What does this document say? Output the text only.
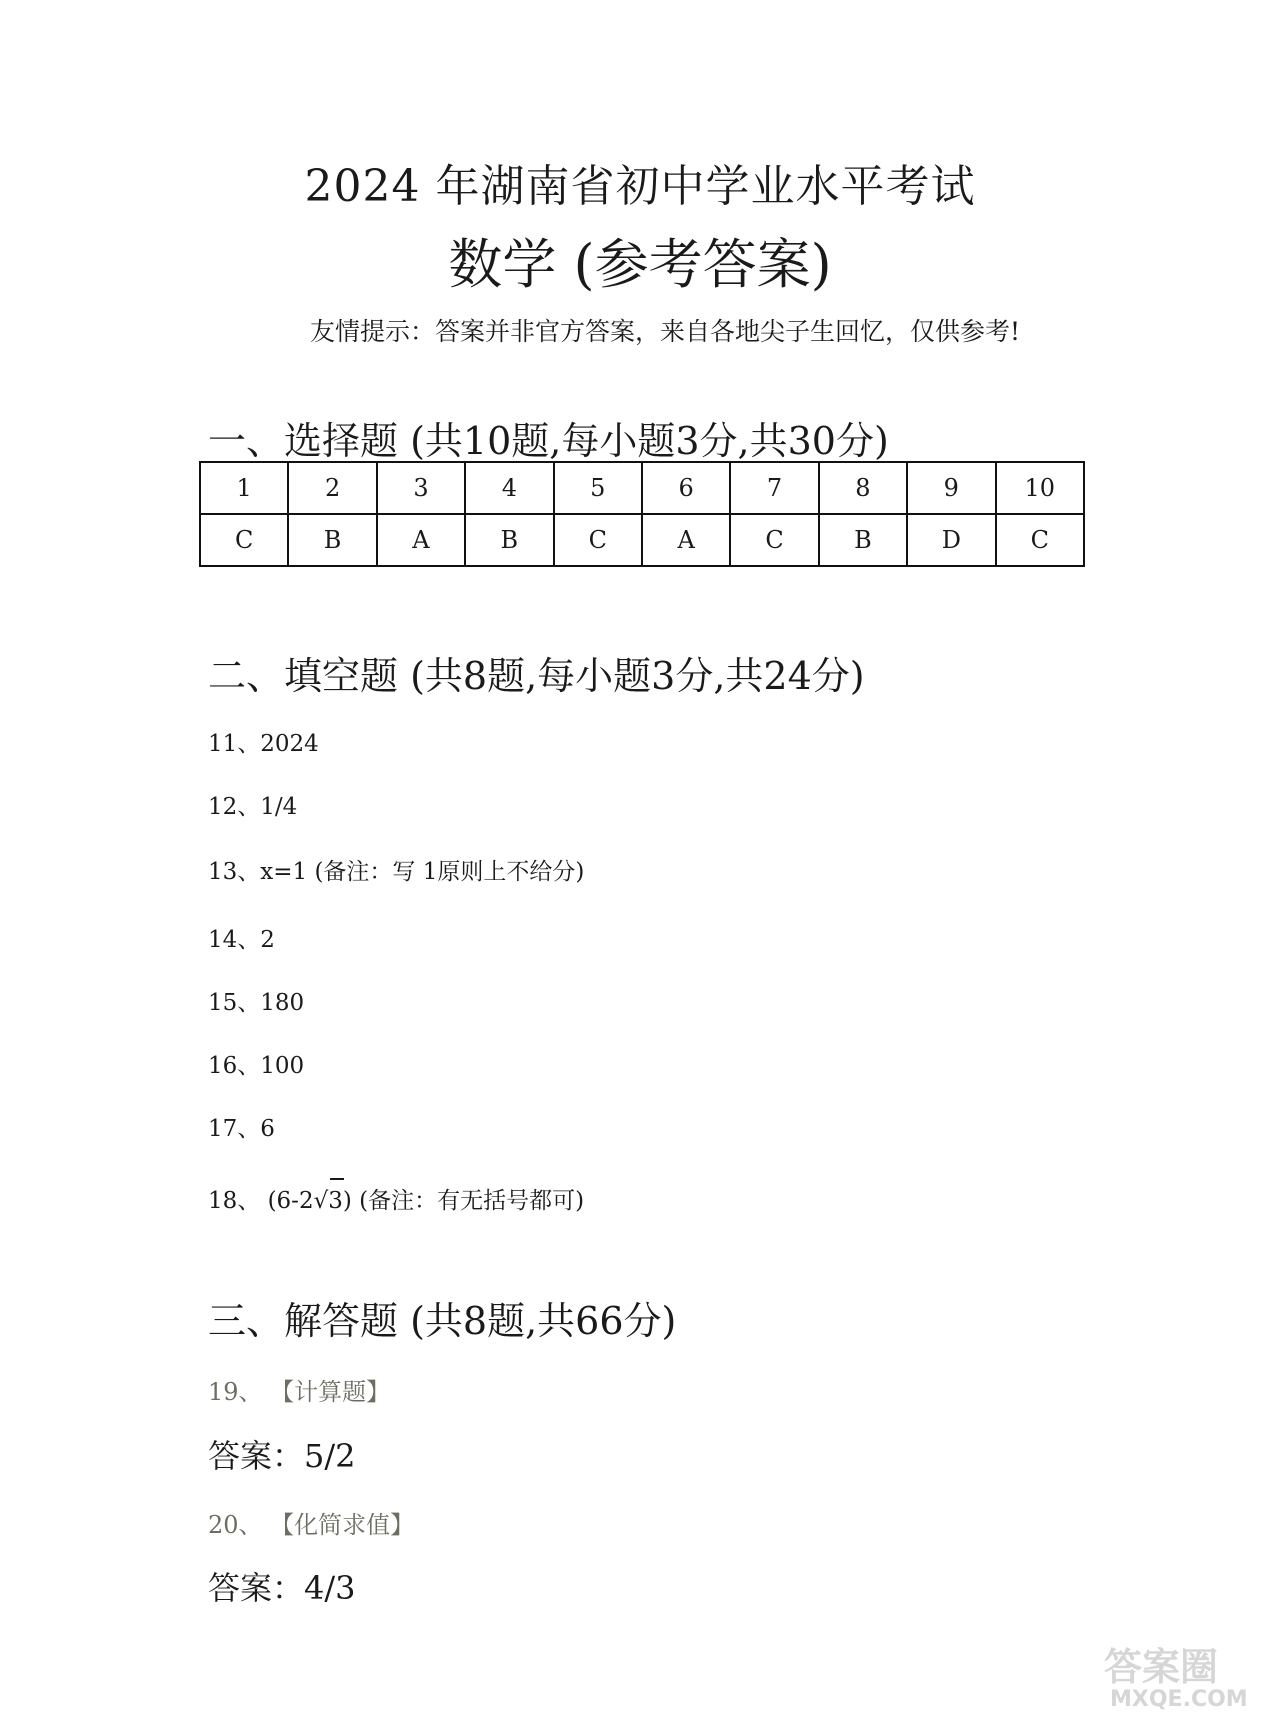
2024 年湖南省初中学业水平考试
数学 (参考答案)
友情提示：答案并非官方答案，来自各地尖子生回忆，仅供参考!
一、选择题 (共10题,每小题3分,共30分)
1	2	3	4	5	6	7	8	9	10
C	B	A	B	C	A	C	B	D	C
二、填空题 (共8题,每小题3分,共24分)
11、2024
12、1/4
13、x=1 (备注：写 1原则上不给分)
14、2
15、180
16、100
17、6
18、 (6-2√
3) (备注：有无括号都可)
三、解答题 (共8题,共66分)
19、 【计算题】
答案：5/2
20、 【化简求值】
答案：4/3
答案圈
MXQE.COM
